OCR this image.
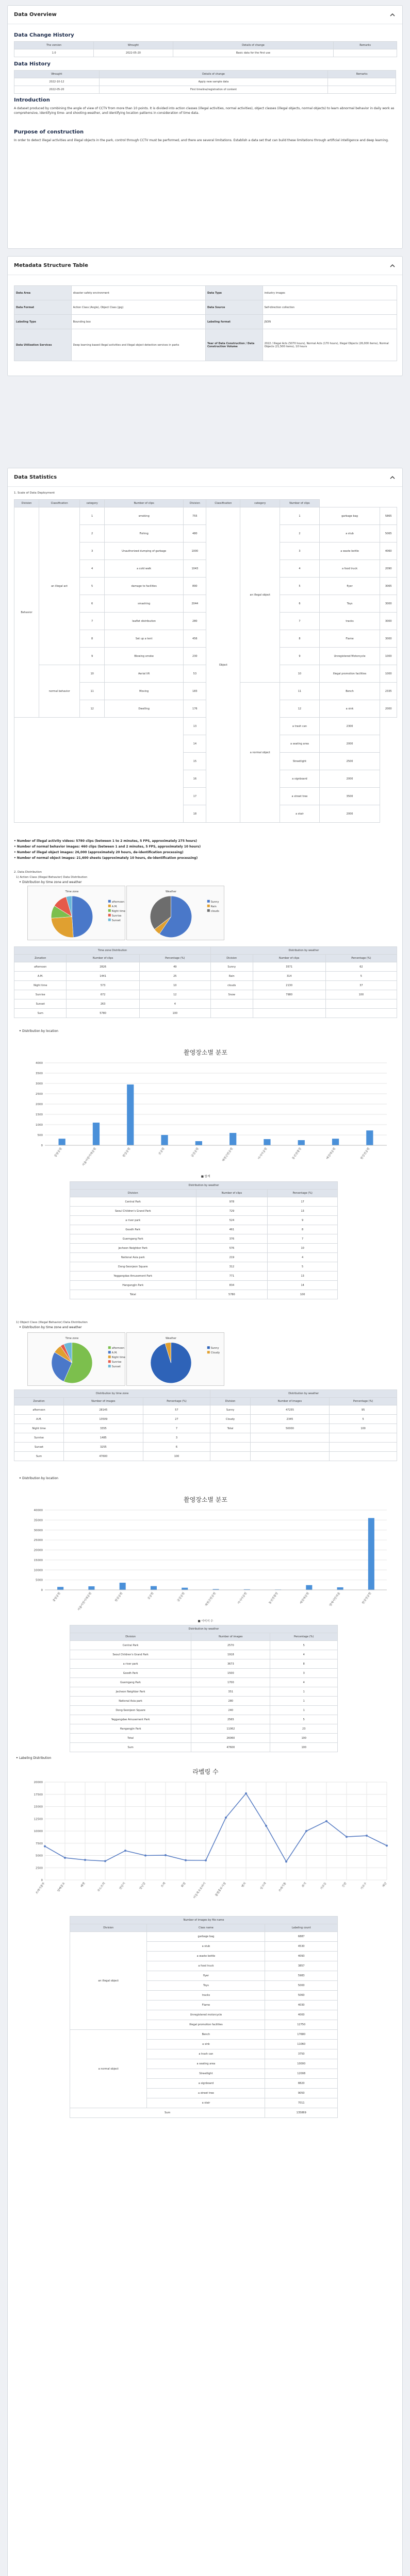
Data Overview
Data Change History
The version	Wrought	Details of change	Remarks
1.0	2022-05-20	Basic data for the first use	
Data History
Wrought	Details of change	Remarks
2022-10-12	Apply new sample data	
2022-05-20	First timeline/registration of content	
Introduction

A dataset produced by combining the angle of view of CCTV from more than 10 points. It is divided into action classes (illegal activities, normal activities), object classes (illegal objects, normal objects) to learn abnormal behavior in daily work as comprehensive, identifying time- and shooting-weather, and identifying location patterns in consideration of time data.

Purpose of construction

In order to detect illegal activities and illegal objects in the park, control through CCTV must be performed, and there are several limitations. Establish a data set that can build these limitations through artificial intelligence and deep learning.

Metadata Structure Table
Data Area	disaster safety environment	Data Type	industry images
Data Format	Action Class (Angle), Object Class (jpg)	Data Source	Self-direction collection
Labeling Type	Bounding box	Labeling format	JSON
Data Utilization Services	Deep learning based illegal activities and illegal object detection services in parks	Year of Data Construction / Data Construction Volume	2022 / Illegal Acts (5070 hours), Normal Acts (170 hours), Illegal Objects (26,000 items), Normal Objects (21,500 items), 10 hours
Data Statistics
1. Scale of Data Deployment
Division	Classification	category	Number of clips	Division	Classification	category	Number of clips		
Behavior	an illegal act	1	smoking	755	Object	an illegal object	1	garbage bag	5865
		2	Fishing	480			2	a stub	5065
		3	Unauthorized dumping of garbage	1000			3	a waste bottle	4060
		4	a cold walk	1043			4	a food truck	2090
		5	damage to facilities	890			5	flyer	3065
		6	smashing	2044			6	Toys	3000
		7	leaflet distribution	280			7	tracks	3000
		8	Set up a tent	456			8	Flame	3000
		9	Blowing smoke	230			9	Unregistered Motorcycle	1000
	normal behavior	10	Aerial lift	53			10	Illegal promotion facilities	1000
		11	Moving	183		a normal object	11	Bench	2335
		12	Dwelling	176			12	a sink	2000
				13			a trash can	2300	
				14			a seating area	2000	
				15			Streetlight	2500	
				16			a signboard	2000	
				17			a street tree	3500	
				18			a stair	2000	
• Number of illegal activity videos: 5780 clips (between 1 to 2 minutes, 5 FPS, approximately 275 hours)
• Number of normal behavior images: 460 clips (between 1 and 2 minutes, 5 FPS, approximately 10 hours)
• Number of illegal object images: 26,000 (approximately 20 hours, de-identification processing)
• Number of normal object images: 21,600 sheets (approximately 10 hours, de-identification processing)
2. Data Distribution
1) Action Class (Illegal Behavior) Data Distribution
• Distribution by time zone and weather
Time zone
afternoon
A.M.
Night time
Sunrise
Sunset
Weather
Sunny
Rain
clouds
Time zone Distribution			Distribution by weather		
Zonation	Number of clips	Percentage (%)	Division	Number of clips	Percentage (%)
afternoon	2826	49	Sunny	3571	62
A.M.	1441	25	Rain	314	5
Night time	573	10	clouds	2130	37
Sunrise	672	12	Snow	7980	100
Sunset	263	4			
Sum	5780	100			
• Distribution by location
촬영장소별 분포
0
500
1000
1500
2000
2500
3000
3500
4000
중앙공원	서울어린이대공원	한강공원	굿공원	금강공원	제천근린공원	아시아공원	동선전광장	예강대공원	한강진공원
■ 합계
Distribution by weather		
Division	Number of clips	Percentage (%)
Central Park	978	17
Seoul Children's Grand Park	729	13
a river park	524	9
Goodh Park	461	8
Guemgang Park	376	7
Jecheon Neighbor Park	576	10
National Asia park	219	4
Dong-Seonjeon Square	312	5
Yeggangdae Amusement Park	771	13
Hangangjin Park	834	14
Total	5780	100
1) Object Class (Illegal Behavior) Data Distribution
• Distribution by time zone and weather
Time zone
afternoon
A.M.
Night time
Sunrise
Sunset
Weather
Sunny
Cloudy
Distribution by time zone			Distribution by weather		
Zonation	Number of images	Percentage (%)	Division	Number of images	Percentage (%)
afternoon	28145	57	Sunny	47255	95
A.M.	13509	27	Cloudy	2345	5
Night time	3355	7	Total	50000	100
Sunrise	1485	3			
Sunset	3255	6			
Sum	47600	100			
• Distribution by location
촬영장소별 분포
0
5000
10000
15000
20000
25000
30000
35000
40000
중앙공원	서울어린이대공원	한강공원	굿공원	금강공원	제천근린공원	아시아공원	동선전광장	예강대공원	양재시민의숲	한강진공원
■ 이미지 수
Distribution by weather		
Division	Number of images	Percentage (%)
Central Park	2570	5
Seoul Children's Grand Park	1918	4
a river park	3673	8
Goodh Park	1500	3
Guemgang Park	1700	4
Jecheon Neighbor Park	351	1
National Asia park	280	1
Dong-Seonjeon Square	240	1
Yeggangdae Amusement Park	2565	5
Hangangjin Park	11062	23
Total	26060	100
Sum	47600	100
• Labeling Distribution
라벨링 수
0
2500
5000
7500
10000
12500
15000
17500
20000
쓰레기봉투	담배꽁초	폐병	푸드트럭	전단지	장난감	트랙	화염 미등록오토바이	불법홍보시설	벤치	싱크대	쓰레기통	좌석	가로등	간판	가로수	계단
Number of images by file name		
Division	Class name	Labeling count
an illegal object	garbage bag	6887
	a stub	4530
	a waste bottle	4093
	a food truck	3857
	flyer	5983
	Toys	5000
	tracks	5060
	Flame	4030
	Unregistered motorcycle	4000
	Illegal promotion facilities	12750
a normal object	Bench	17680
	a sink	11060
	a trash can	3750
	a seating area	10000
	Streetlight	12008
	a signboard	8820
	a street tree	9050
	a stair	7011
Sum		135869
